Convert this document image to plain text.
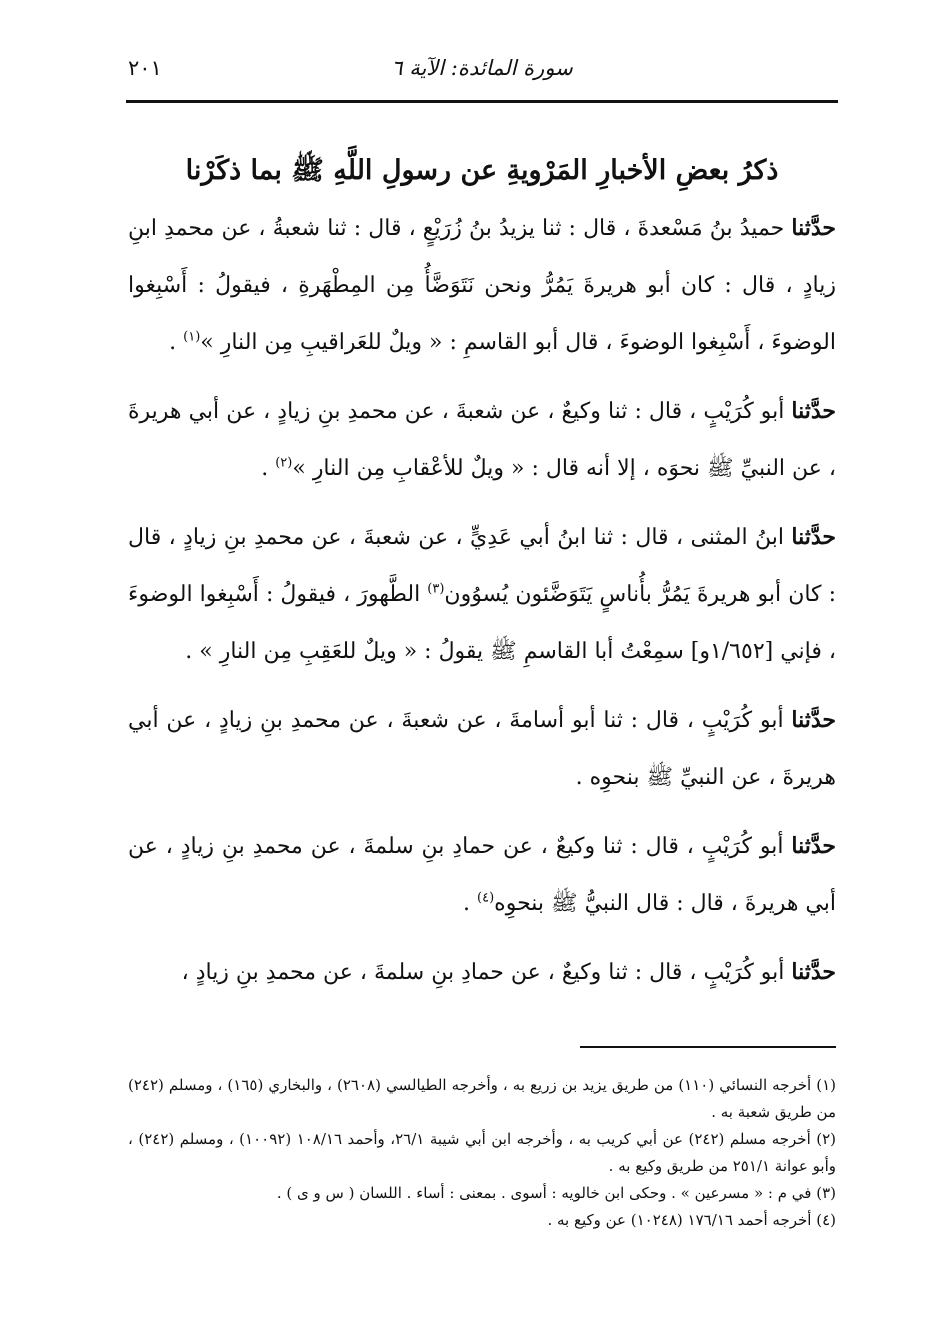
سورة المائدة: الآية ٦
٢٠١
ذكرُ بعضِ الأخبارِ المَرْويةِ عن رسولِ اللَّهِ ﷺ بما ذكَرْنا

حدَّثنا حميدُ بنُ مَسْعدةَ ، قال : ثنا يزيدُ بنُ زُرَيْعٍ ، قال : ثنا شعبةُ ، عن محمدِ ابنِ زيادٍ ، قال : كان أبو هريرةَ يَمُرُّ ونحن نَتَوَضَّأُ مِن المِطْهَرةِ ، فيقولُ : أَسْبِغوا الوضوءَ ، أَسْبِغوا الوضوءَ ، قال أبو القاسمِ : « ويلٌ للعَراقيبِ مِن النارِ »$^{(١)}$ .

حدَّثنا أبو كُرَيْبٍ ، قال : ثنا وكيعٌ ، عن شعبةَ ، عن محمدِ بنِ زيادٍ ، عن أبي هريرةَ ، عن النبيِّ ﷺ نحوَه ، إلا أنه قال : « ويلٌ للأعْقابِ مِن النارِ »$^{(٢)}$ .

حدَّثنا ابنُ المثنى ، قال : ثنا ابنُ أبي عَدِيٍّ ، عن شعبةَ ، عن محمدِ بنِ زيادٍ ، قال : كان أبو هريرةَ يَمُرُّ بأُناسٍ يَتَوَضَّئون يُسوُون$^{(٣)}$ الطَّهورَ ، فيقولُ : أَسْبِغوا الوضوءَ ، فإني [١/٦٥٢و] سمِعْتُ أبا القاسمِ ﷺ يقولُ : « ويلٌ للعَقِبِ مِن النارِ » .

حدَّثنا أبو كُرَيْبٍ ، قال : ثنا أبو أسامةَ ، عن شعبةَ ، عن محمدِ بنِ زيادٍ ، عن أبي هريرةَ ، عن النبيِّ ﷺ بنحوِه .

حدَّثنا أبو كُرَيْبٍ ، قال : ثنا وكيعٌ ، عن حمادِ بنِ سلمةَ ، عن محمدِ بنِ زيادٍ ، عن أبي هريرةَ ، قال : قال النبيُّ ﷺ بنحوِه$^{(٤)}$ .

حدَّثنا أبو كُرَيْبٍ ، قال : ثنا وكيعٌ ، عن حمادِ بنِ سلمةَ ، عن محمدِ بنِ زيادٍ ،

(١) أخرجه النسائي (١١٠) من طريق يزيد بن زريع به ، وأخرجه الطيالسي (٢٦٠٨) ، والبخاري (١٦٥) ، ومسلم (٢٤٢) من طريق شعبة به .

(٢) أخرجه مسلم (٢٤٢) عن أبي كريب به ، وأخرجه ابن أبي شيبة ٢٦/١، وأحمد ١٠٨/١٦ (١٠٠٩٢) ، ومسلم (٢٤٢) ، وأبو عوانة ٢٥١/١ من طريق وكيع به .

(٣) في م : « مسرعين » . وحكى ابن خالويه : أسوى . بمعنى : أساء . اللسان ( س و ى ) .

(٤) أخرجه أحمد ١٧٦/١٦ (١٠٢٤٨) عن وكيع به .
